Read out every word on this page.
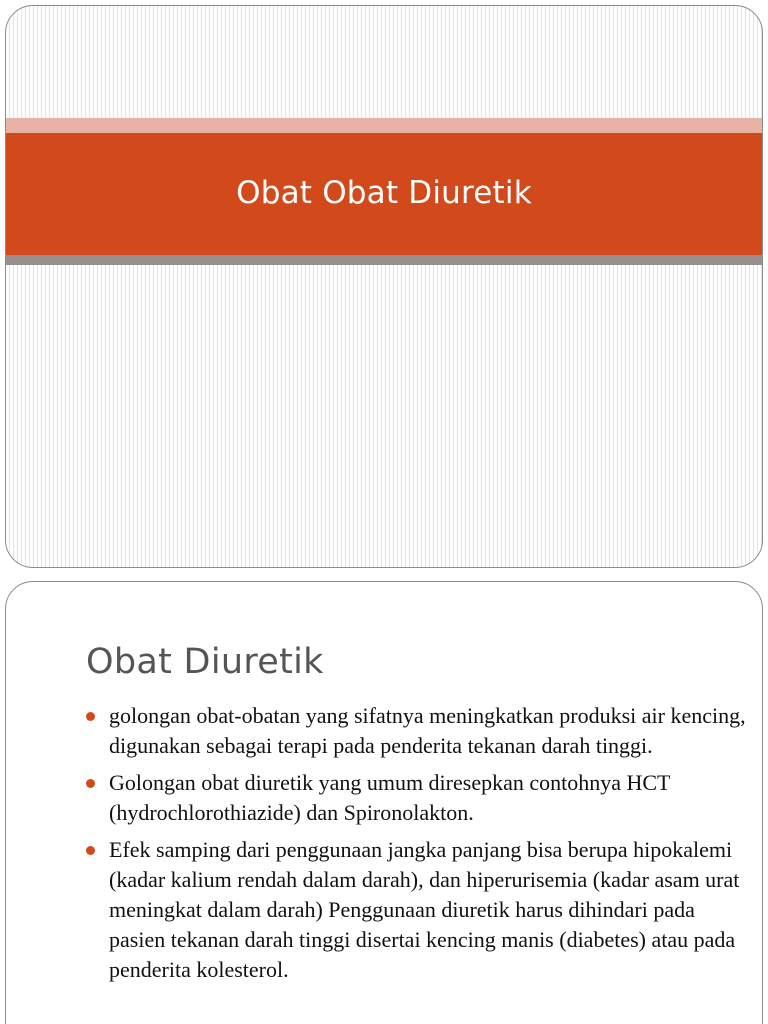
Obat Obat Diuretik
Obat Diuretik
golongan obat-obatan yang sifatnya meningkatkan produksi air kencing, digunakan sebagai terapi pada penderita tekanan darah tinggi.
Golongan obat diuretik yang umum diresepkan contohnya HCT (hydrochlorothiazide) dan Spironolakton.
Efek samping dari penggunaan jangka panjang bisa berupa hipokalemi (kadar kalium rendah dalam darah), dan hiperurisemia (kadar asam urat meningkat dalam darah) Penggunaan diuretik harus dihindari pada pasien tekanan darah tinggi disertai kencing manis (diabetes) atau pada penderita kolesterol.
